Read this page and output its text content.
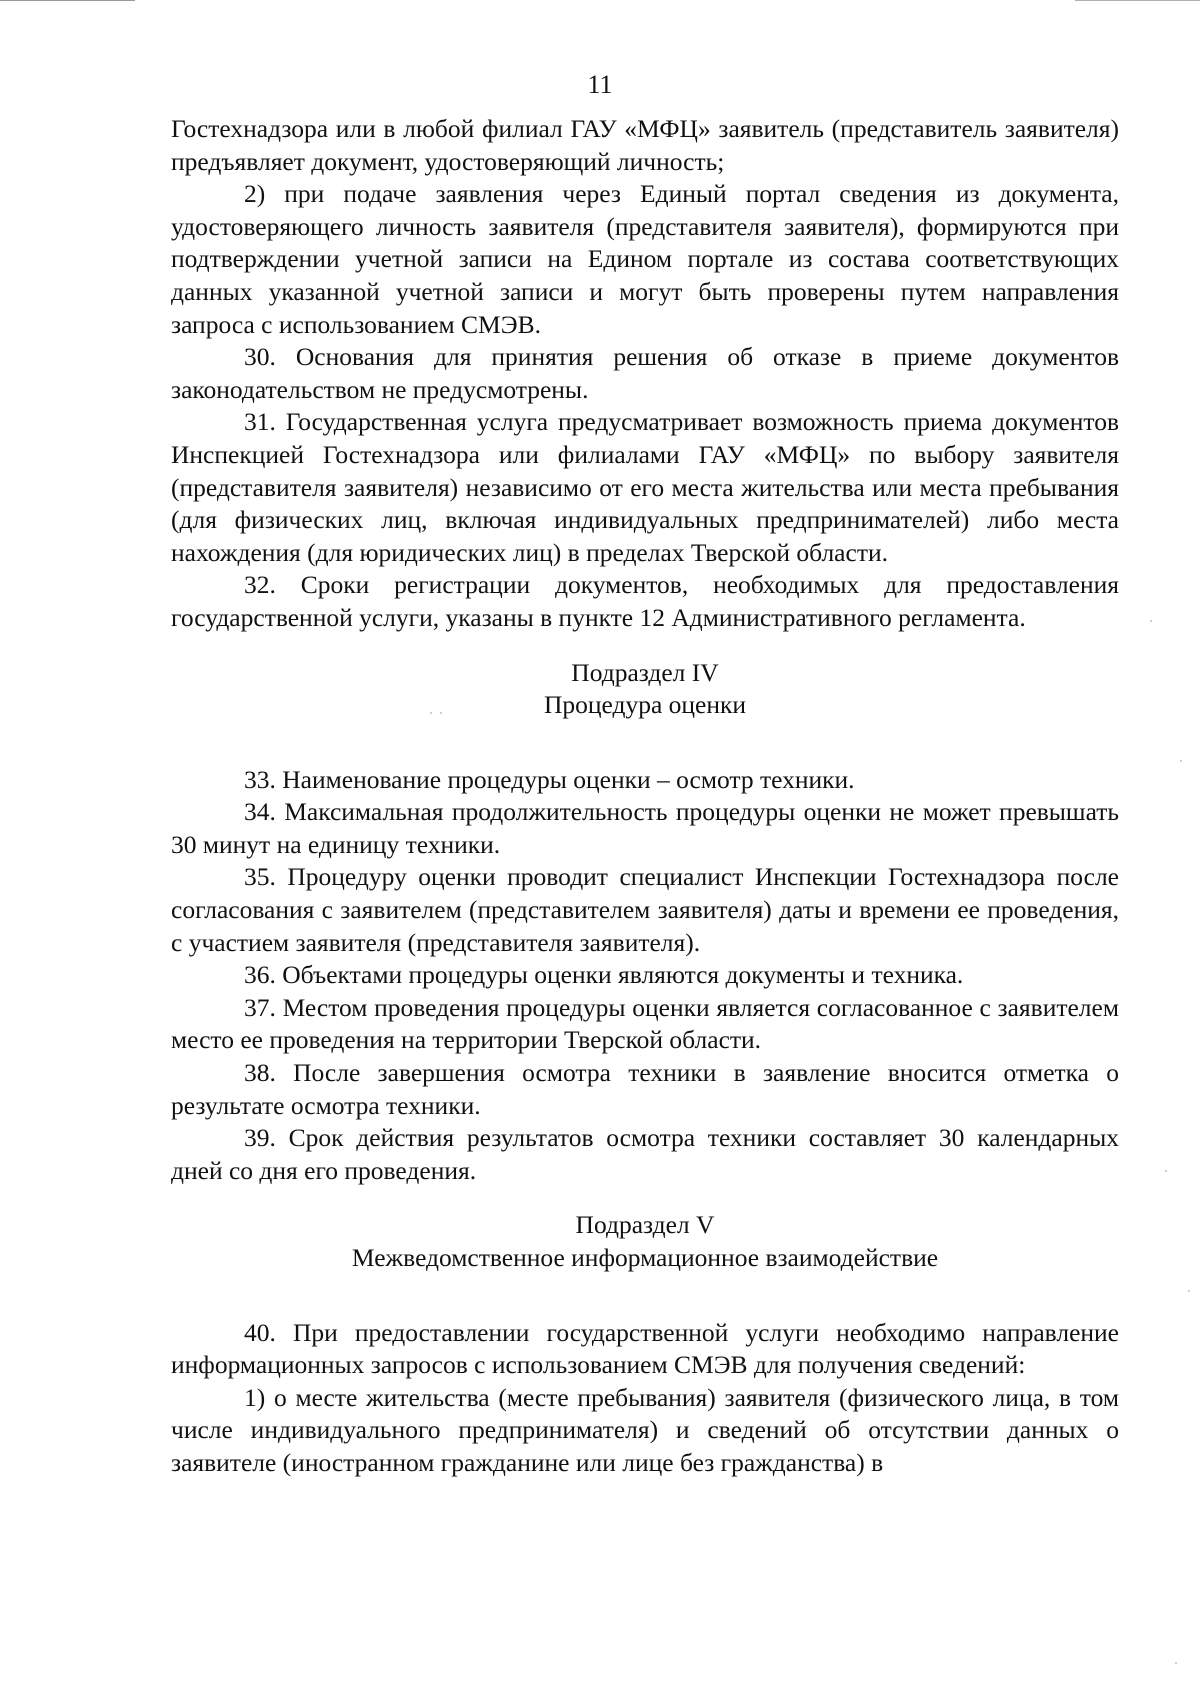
11

Гостехнадзора или в любой филиал ГАУ «МФЦ» заявитель (представитель заявителя) предъявляет документ, удостоверяющий личность;

2) при подаче заявления через Единый портал сведения из документа, удостоверяющего личность заявителя (представителя заявителя), формируются при подтверждении учетной записи на Едином портале из состава соответствующих данных указанной учетной записи и могут быть проверены путем направления запроса с использованием СМЭВ.

30. Основания для принятия решения об отказе в приеме документов законодательством не предусмотрены.

31. Государственная услуга предусматривает возможность приема документов Инспекцией Гостехнадзора или филиалами ГАУ «МФЦ» по выбору заявителя (представителя заявителя) независимо от его места жительства или места пребывания (для физических лиц, включая индивидуальных предпринимателей) либо места нахождения (для юридических лиц) в пределах Тверской области.

32. Сроки регистрации документов, необходимых для предоставления государственной услуги, указаны в пункте 12 Административного регламента.

Подраздел IV
Процедура оценки

33. Наименование процедуры оценки – осмотр техники.

34. Максимальная продолжительность процедуры оценки не может превышать 30 минут на единицу техники.

35. Процедуру оценки проводит специалист Инспекции Гостехнадзора после согласования с заявителем (представителем заявителя) даты и времени ее проведения, с участием заявителя (представителя заявителя).

36. Объектами процедуры оценки являются документы и техника.

37. Местом проведения процедуры оценки является согласованное с заявителем место ее проведения на территории Тверской области.

38. После завершения осмотра техники в заявление вносится отметка о результате осмотра техники.

39. Срок действия результатов осмотра техники составляет 30 календарных дней со дня его проведения.

Подраздел V
Межведомственное информационное взаимодействие

40. При предоставлении государственной услуги необходимо направление информационных запросов с использованием СМЭВ для получения сведений:

1) о месте жительства (месте пребывания) заявителя (физического лица, в том числе индивидуального предпринимателя) и сведений об отсутствии данных о заявителе (иностранном гражданине или лице без гражданства) в
